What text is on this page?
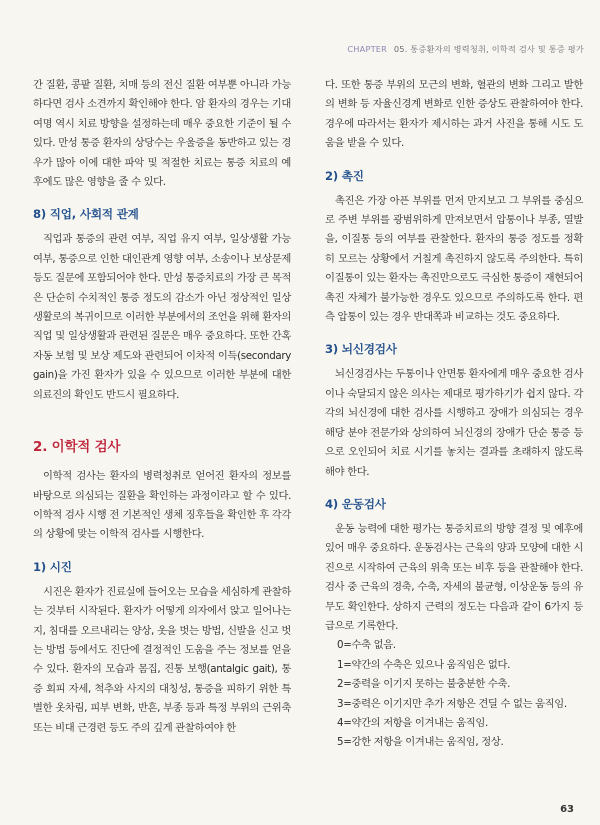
CHAPTER 05. 통증환자의 병력청취, 이학적 검사 및 통증 평가

간 질환, 콩팥 질환, 치매 등의 전신 질환 여부뿐 아니라 가능하다면 검사 소견까지 확인해야 한다. 암 환자의 경우는 기대 여명 역시 치료 방향을 설정하는데 매우 중요한 기준이 될 수 있다. 만성 통증 환자의 상당수는 우울증을 동반하고 있는 경우가 많아 이에 대한 파악 및 적절한 치료는 통증 치료의 예후에도 많은 영향을 줄 수 있다.

8) 직업, 사회적 관계

직업과 통증의 관련 여부, 직업 유지 여부, 일상생활 가능 여부, 통증으로 인한 대인관계 영향 여부, 소송이나 보상문제 등도 질문에 포함되어야 한다. 만성 통증치료의 가장 큰 목적은 단순히 수치적인 통증 정도의 감소가 아닌 정상적인 일상생활로의 복귀이므로 이러한 부분에서의 조언을 위해 환자의 직업 및 일상생활과 관련된 질문은 매우 중요하다. 또한 간혹 자동 보험 및 보상 제도와 관련되어 이차적 이득(secondary gain)을 가진 환자가 있을 수 있으므로 이러한 부분에 대한 의료진의 확인도 반드시 필요하다.

2. 이학적 검사

이학적 검사는 환자의 병력청취로 얻어진 환자의 정보를 바탕으로 의심되는 질환을 확인하는 과정이라고 할 수 있다. 이학적 검사 시행 전 기본적인 생체 징후들을 확인한 후 각각의 상황에 맞는 이학적 검사를 시행한다.

1) 시진

시진은 환자가 진료실에 들어오는 모습을 세심하게 관찰하는 것부터 시작된다. 환자가 어떻게 의자에서 앉고 일어나는지, 침대를 오르내리는 양상, 옷을 벗는 방법, 신발을 신고 벗는 방법 등에서도 진단에 결정적인 도움을 주는 정보를 얻을 수 있다. 환자의 모습과 몸집, 진통 보행(antalgic gait), 통증 회피 자세, 척추와 사지의 대칭성, 통증을 피하기 위한 특별한 옷차림, 피부 변화, 반흔, 부종 등과 특정 부위의 근위축 또는 비대 근경련 등도 주의 깊게 관찰하여야 한

다. 또한 통증 부위의 모근의 변화, 혈관의 변화 그리고 발한의 변화 등 자율신경계 변화로 인한 증상도 관찰하여야 한다. 경우에 따라서는 환자가 제시하는 과거 사진을 통해 시도 도움을 받을 수 있다.

2) 촉진

촉진은 가장 아픈 부위를 먼저 만지보고 그 부위를 중심으로 주변 부위를 광범위하게 만져보면서 압통이나 부종, 열발을, 이질통 등의 여부를 관찰한다. 환자의 통증 정도를 정확히 모르는 상황에서 거칠게 촉진하지 않도록 주의한다. 특히 이질통이 있는 환자는 촉진만으로도 극심한 통증이 재현되어 촉진 자체가 불가능한 경우도 있으므로 주의하도록 한다. 편측 압통이 있는 경우 반대쪽과 비교하는 것도 중요하다.

3) 뇌신경검사

뇌신경검사는 두통이나 안면통 환자에게 매우 중요한 검사이나 숙달되지 않은 의사는 제대로 평가하기가 쉽지 않다. 각각의 뇌신경에 대한 검사를 시행하고 장애가 의심되는 경우 해당 분야 전문가와 상의하여 뇌신경의 장애가 단순 통증 등으로 오인되어 치료 시기를 놓치는 결과를 초래하지 않도록 해야 한다.

4) 운동검사

운동 능력에 대한 평가는 통증치료의 방향 결정 및 예후에 있어 매우 중요하다. 운동검사는 근육의 양과 모양에 대한 시진으로 시작하여 근육의 위축 또는 비후 등을 관찰해야 한다. 검사 중 근육의 경축, 수축, 자세의 불균형, 이상운동 등의 유무도 확인한다. 상하지 근력의 정도는 다음과 같이 6가지 등급으로 기록한다.

0=수축 없음.
1=약간의 수축은 있으나 움직임은 없다.
2=중력을 이기지 못하는 불충분한 수축.
3=중력은 이기지만 추가 저항은 견딜 수 없는 움직임.
4=약간의 저항을 이겨내는 움직임.
5=강한 저항을 이겨내는 움직임, 정상.

63
